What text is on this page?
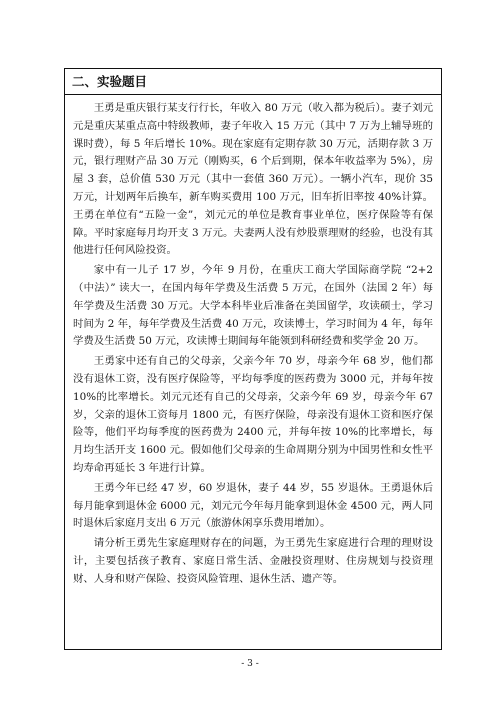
二、实验题目

王勇是重庆银行某支行行长，年收入 80 万元（收入都为税后）。妻子刘元元是重庆某重点高中特级教师，妻子年收入 15 万元（其中 7 万为上辅导班的课时费），每 5 年后增长 10%。现在家庭有定期存款 30 万元，活期存款 3 万元，银行理财产品 30 万元（刚购买，6 个后到期，保本年收益率为 5%），房屋 3 套，总价值 530 万元（其中一套值 360 万元）。一辆小汽车，现价 35 万元，计划两年后换车，新车购买费用 100 万元，旧车折旧率按 40%计算。王勇在单位有“五险一金”，刘元元的单位是教育事业单位，医疗保险等有保障。平时家庭每月均开支 3 万元。夫妻两人没有炒股票理财的经验，也没有其他进行任何风险投资。

家中有一儿子 17 岁，今年 9 月份，在重庆工商大学国际商学院 “2+2（中法）” 读大一，在国内每年学费及生活费 5 万元，在国外（法国 2 年）每年学费及生活费 30 万元。大学本科毕业后准备在美国留学，攻读硕士，学习时间为 2 年，每年学费及生活费 40 万元，攻读博士，学习时间为 4 年，每年学费及生活费 50 万元，攻读博士期间每年能领到科研经费和奖学金 20 万。

王勇家中还有自己的父母亲，父亲今年 70 岁，母亲今年 68 岁，他们都没有退休工资，没有医疗保险等，平均每季度的医药费为 3000 元，并每年按 10%的比率增长。刘元元还有自己的父母亲，父亲今年 69 岁，母亲今年 67 岁，父亲的退休工资每月 1800 元，有医疗保险，母亲没有退休工资和医疗保险等，他们平均每季度的医药费为 2400 元，并每年按 10%的比率增长，每月均生活开支 1600 元。假如他们父母亲的生命周期分别为中国男性和女性平均寿命再延长 3 年进行计算。

王勇今年已经 47 岁，60 岁退休，妻子 44 岁，55 岁退休。王勇退休后每月能拿到退休金 6000 元，刘元元今年每月能拿到退休金 4500 元，两人同时退休后家庭月支出 6 万元（旅游休闲享乐费用增加）。

请分析王勇先生家庭理财存在的问题，为王勇先生家庭进行合理的理财设计，主要包括孩子教育、家庭日常生活、金融投资理财、住房规划与投资理财、人身和财产保险、投资风险管理、退休生活、遗产等。

- 3 -
